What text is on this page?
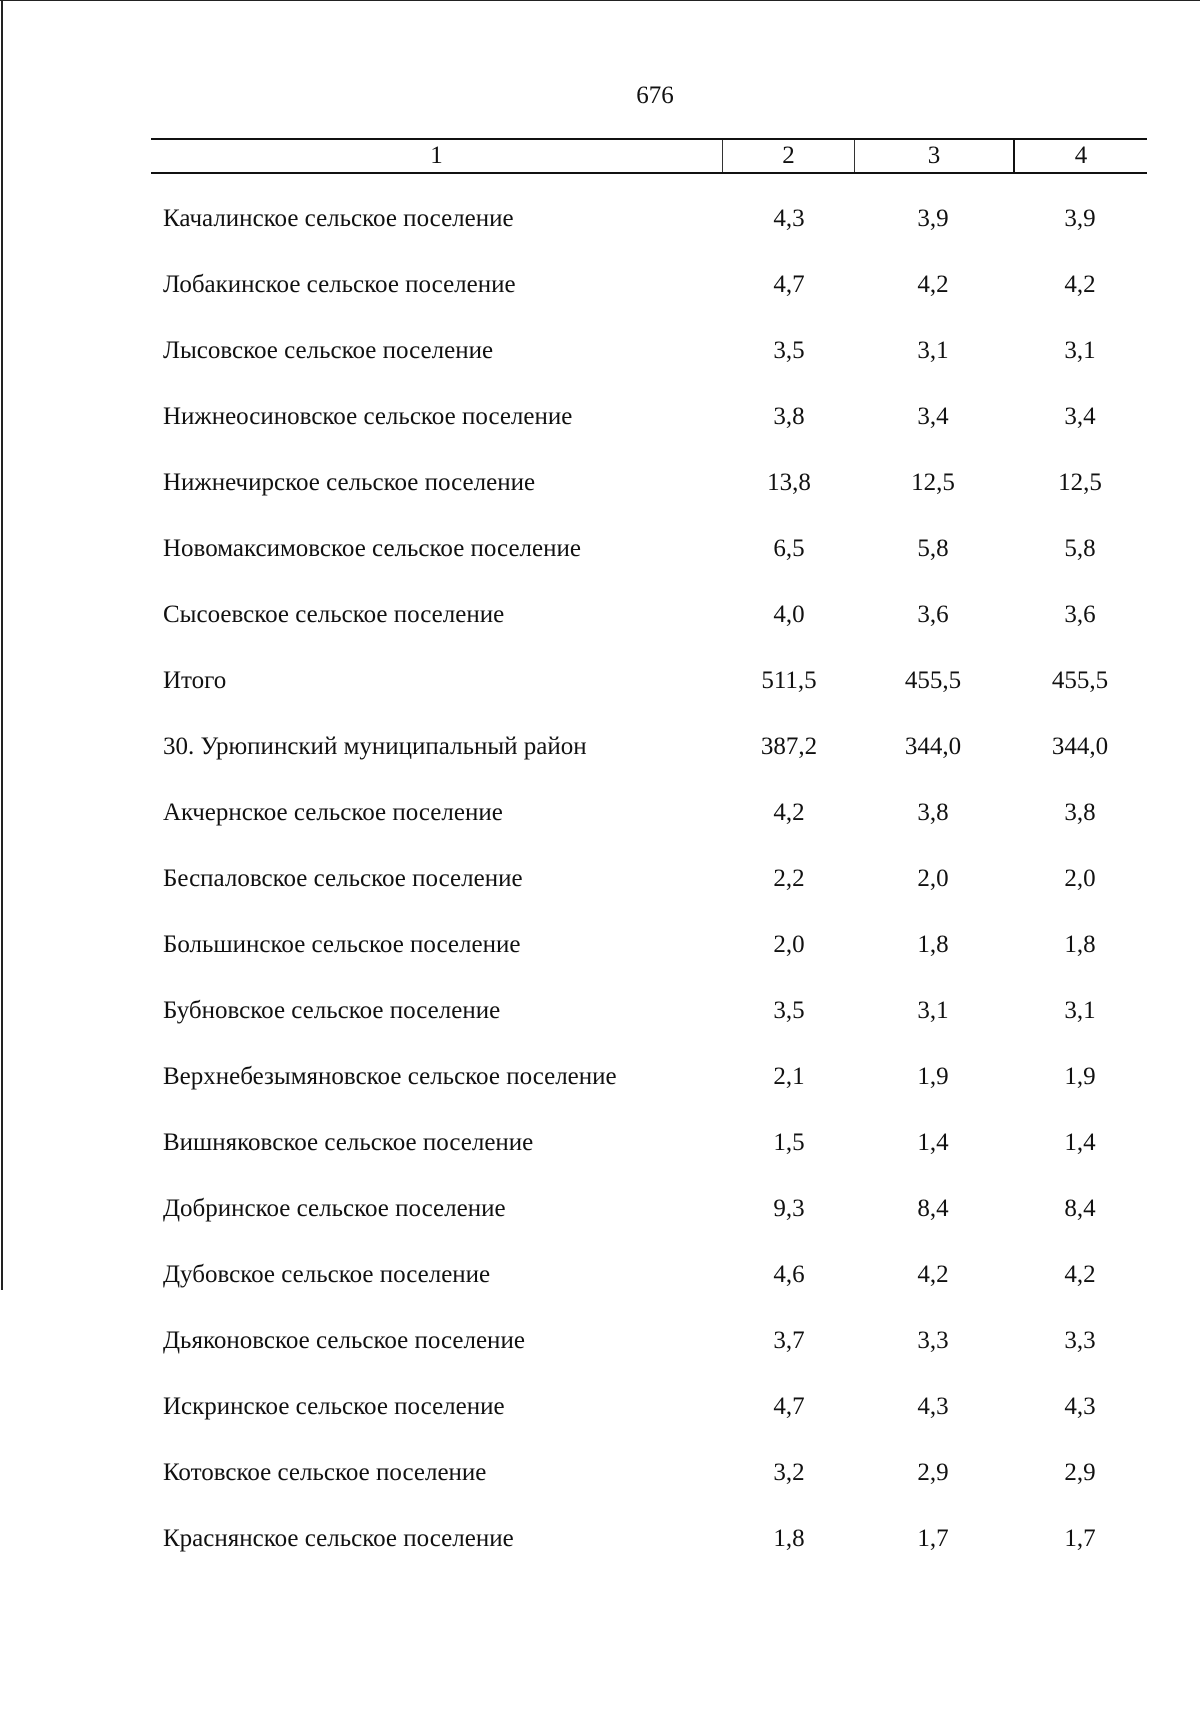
676
1	2	3	4
Качалинское сельское поселение	4,3	3,9	3,9
Лобакинское сельское поселение	4,7	4,2	4,2
Лысовское сельское поселение	3,5	3,1	3,1
Нижнеосиновское сельское поселение	3,8	3,4	3,4
Нижнечирское сельское поселение	13,8	12,5	12,5
Новомаксимовское сельское поселение	6,5	5,8	5,8
Сысоевское сельское поселение	4,0	3,6	3,6
Итого	511,5	455,5	455,5
30. Урюпинский муниципальный район	387,2	344,0	344,0
Акчернское сельское поселение	4,2	3,8	3,8
Беспаловское сельское поселение	2,2	2,0	2,0
Большинское сельское поселение	2,0	1,8	1,8
Бубновское сельское поселение	3,5	3,1	3,1
Верхнебезымяновское сельское поселение	2,1	1,9	1,9
Вишняковское сельское поселение	1,5	1,4	1,4
Добринское сельское поселение	9,3	8,4	8,4
Дубовское сельское поселение	4,6	4,2	4,2
Дьяконовское сельское поселение	3,7	3,3	3,3
Искринское сельское поселение	4,7	4,3	4,3
Котовское сельское поселение	3,2	2,9	2,9
Краснянское сельское поселение	1,8	1,7	1,7
